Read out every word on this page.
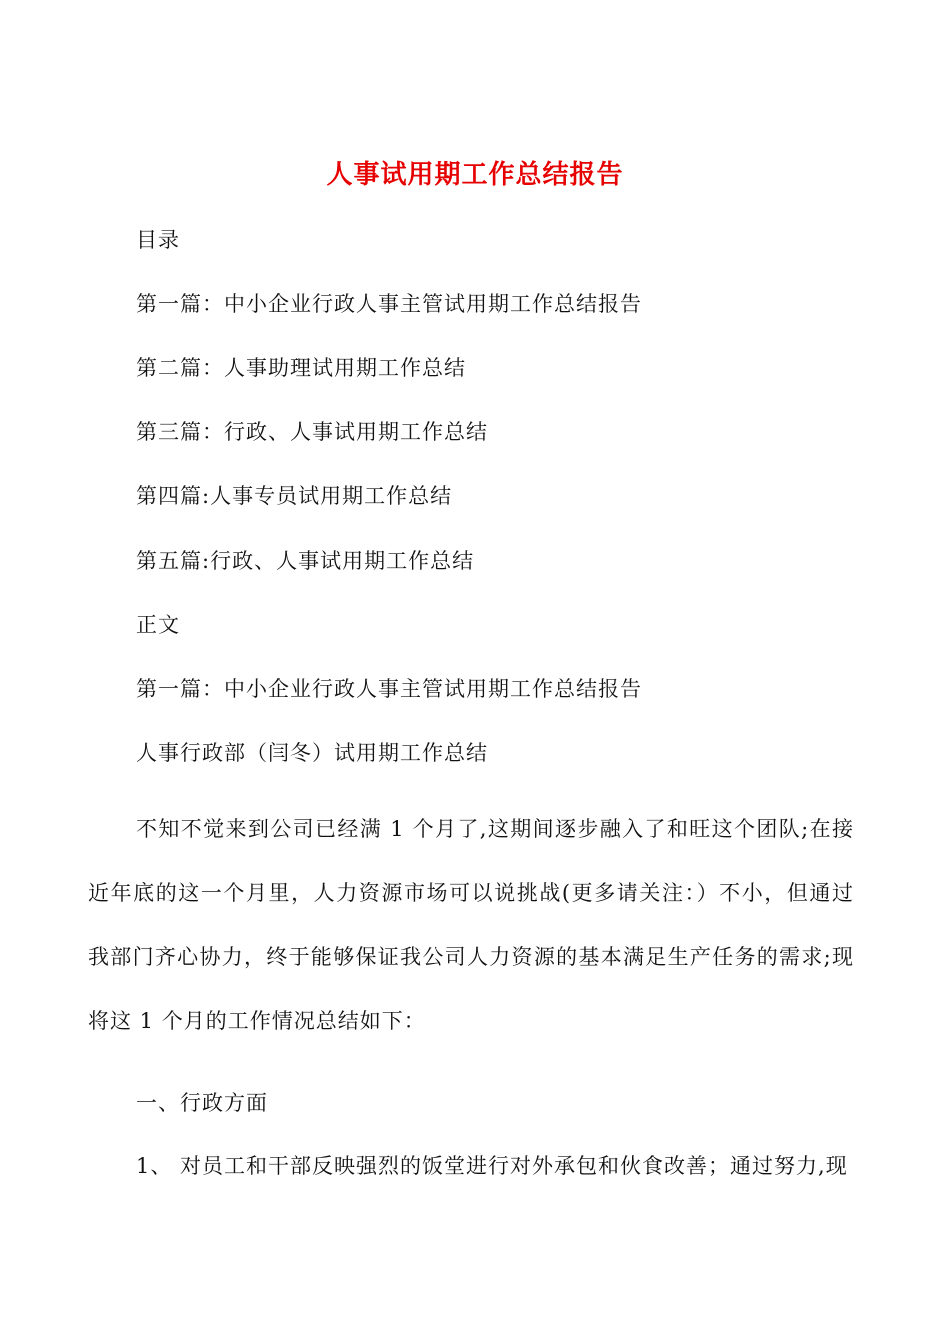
人事试用期工作总结报告
目录
第一篇：中小企业行政人事主管试用期工作总结报告
第二篇：人事助理试用期工作总结
第三篇：行政、人事试用期工作总结
第四篇:人事专员试用期工作总结
第五篇:行政、人事试用期工作总结
正文
第一篇：中小企业行政人事主管试用期工作总结报告
人事行政部（闫冬）试用期工作总结
不知不觉来到公司已经满 1 个月了,这期间逐步融入了和旺这个团队;在接近年底的这一个月里，人力资源市场可以说挑战(更多请关注：）不小，但通过我部门齐心协力，终于能够保证我公司人力资源的基本满足生产任务的需求;现将这 1 个月的工作情况总结如下：
一、行政方面
1、 对员工和干部反映强烈的饭堂进行对外承包和伙食改善；通过努力,现
